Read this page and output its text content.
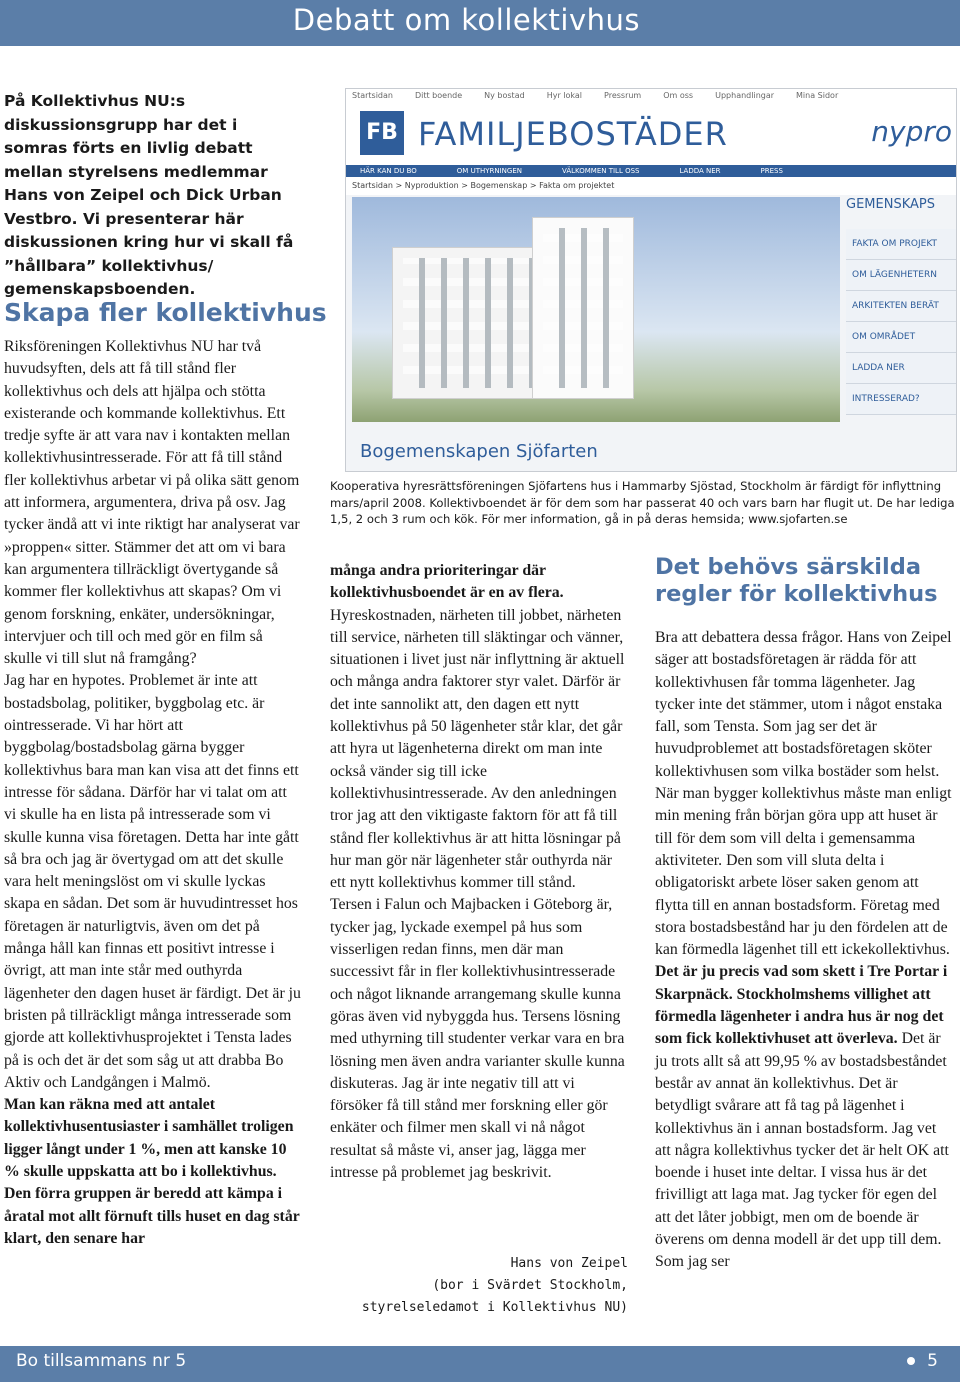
Debatt om kollektivhus
På Kollektivhus NU:s diskussionsgrupp har det i somras förts en livlig debatt mellan styrelsens medlemmar Hans von Zeipel och Dick Urban Vestbro. Vi presenterar här diskussionen kring hur vi skall få ”hållbara” kollektivhus/ gemenskapsboenden.
Skapa fler kollektivhus

Riksföreningen Kollektivhus NU har två huvudsyften, dels att få till stånd fler kollektivhus och dels att hjälpa och stötta existerande och kommande kollektivhus. Ett tredje syfte är att vara nav i kontakten mellan kollektivhusintresserade. För att få till stånd fler kollektivhus arbetar vi på olika sätt genom att informera, argumentera, driva på osv. Jag tycker ändå att vi inte riktigt har analyserat var »proppen« sitter. Stämmer det att om vi bara kan argumentera tillräckligt övertygande så kommer fler kollektivhus att skapas? Om vi genom forskning, enkäter, undersökningar, intervjuer och till och med gör en film så skulle vi till slut nå framgång?

Jag har en hypotes. Problemet är inte att bostadsbolag, politiker, byggbolag etc. är ointresserade. Vi har hört att byggbolag/bostadsbolag gärna bygger kollektivhus bara man kan visa att det finns ett intresse för sådana. Därför har vi talat om att vi skulle ha en lista på intresserade som vi skulle kunna visa företagen. Detta har inte gått så bra och jag är övertygad om att det skulle vara helt meningslöst om vi skulle lyckas skapa en sådan. Det som är huvudintresset hos företagen är naturligtvis, även om det på många håll kan finnas ett positivt intresse i övrigt, att man inte står med outhyrda lägenheter den dagen huset är färdigt. Det är ju bristen på tillräckligt många intresserade som gjorde att kollektivhusprojektet i Tensta lades på is och det är det som såg ut att drabba Bo Aktiv och Landgången i Malmö.

Man kan räkna med att antalet kollektivhusentusiaster i samhället troligen ligger långt under 1 %, men att kanske 10 % skulle uppskatta att bo i kollektivhus. Den förra gruppen är beredd att kämpa i åratal mot allt förnuft tills huset en dag står klart, den senare har

Startsidan	Ditt boende	Ny bostad	Hyr lokal	Pressrum	Om oss	Upphandlingar	Mina Sidor
FB FAMILJEBOSTÄDER	nypro
HÄR KAN DU BO	OM UTHYRNINGEN	VÄLKOMMEN TILL OSS	LADDA NER	PRESS
Startsidan > Nyproduktion > Bogemenskap > Fakta om projektet
GEMENSKAPS
FAKTA OM PROJEKT
OM LÄGENHETERN
ARKITEKTEN BERÄT
OM OMRÅDET
LADDA NER
INTRESSERAD?
Bogemenskapen Sjöfarten
Kooperativa hyresrättsföreningen Sjöfartens hus i Hammarby Sjöstad, Stockholm är färdigt för inflyttning mars/april 2008. Kollektivboendet är för dem som har passerat 40 och vars barn har flugit ut. De har lediga 1,5, 2 och 3 rum och kök. För mer information, gå in på deras hemsida; www.sjofarten.se

många andra prioriteringar där kollektivhusboendet är en av flera. Hyreskostnaden, närheten till jobbet, närheten till service, närheten till släktingar och vänner, situationen i livet just när inflyttning är aktuell och många andra faktorer styr valet. Därför är det inte sannolikt att, den dagen ett nytt kollektivhus på 50 lägenheter står klar, det går att hyra ut lägenheterna direkt om man inte också vänder sig till icke kollektivhusintresserade. Av den anledningen tror jag att den viktigaste faktorn för att få till stånd fler kollektivhus är att hitta lösningar på hur man gör när lägenheter står outhyrda när ett nytt kollektivhus kommer till stånd.

Tersen i Falun och Majbacken i Göteborg är, tycker jag, lyckade exempel på hus som visserligen redan finns, men där man successivt får in fler kollektivhusintresserade och något liknande arrangemang skulle kunna göras även vid nybyggda hus. Tersens lösning med uthyrning till studenter verkar vara en bra lösning men även andra varianter skulle kunna diskuteras. Jag är inte negativ till att vi försöker få till stånd mer forskning eller gör enkäter och filmer men skall vi nå något resultat så måste vi, anser jag, lägga mer intresse på problemet jag beskrivit.

Hans von Zeipel
(bor i Svärdet Stockholm,
styrelseledamot i Kollektivhus NU)
Det behövs särskilda regler för kollektivhus

Bra att debattera dessa frågor. Hans von Zeipel säger att bostadsföretagen är rädda för att kollektivhusen får tomma lägenheter. Jag tycker inte det stämmer, utom i något enstaka fall, som Tensta. Som jag ser det är huvudproblemet att bostadsföretagen sköter kollektivhusen som vilka bostäder som helst. När man bygger kollektivhus måste man enligt min mening från början göra upp att huset är till för dem som vill delta i gemensamma aktiviteter. Den som vill sluta delta i obligatoriskt arbete löser saken genom att flytta till en annan bostadsform. Företag med stora bostadsbestånd har ju den fördelen att de kan förmedla lägenhet till ett ickekollektivhus. Det är ju precis vad som skett i Tre Portar i Skarpnäck. Stockholmshems villighet att förmedla lägenheter i andra hus är nog det som fick kollektivhuset att överleva. Det är ju trots allt så att 99,95 % av bostadsbeståndet består av annat än kollektivhus. Det är betydligt svårare att få tag på lägenhet i kollektivhus än i annan bostadsform. Jag vet att några kollektivhus tycker det är helt OK att boende i huset inte deltar. I vissa hus är det frivilligt att laga mat. Jag tycker för egen del att det låter jobbigt, men om de boende är överens om denna modell är det upp till dem. Som jag ser

Bo tillsammans nr 5	5
